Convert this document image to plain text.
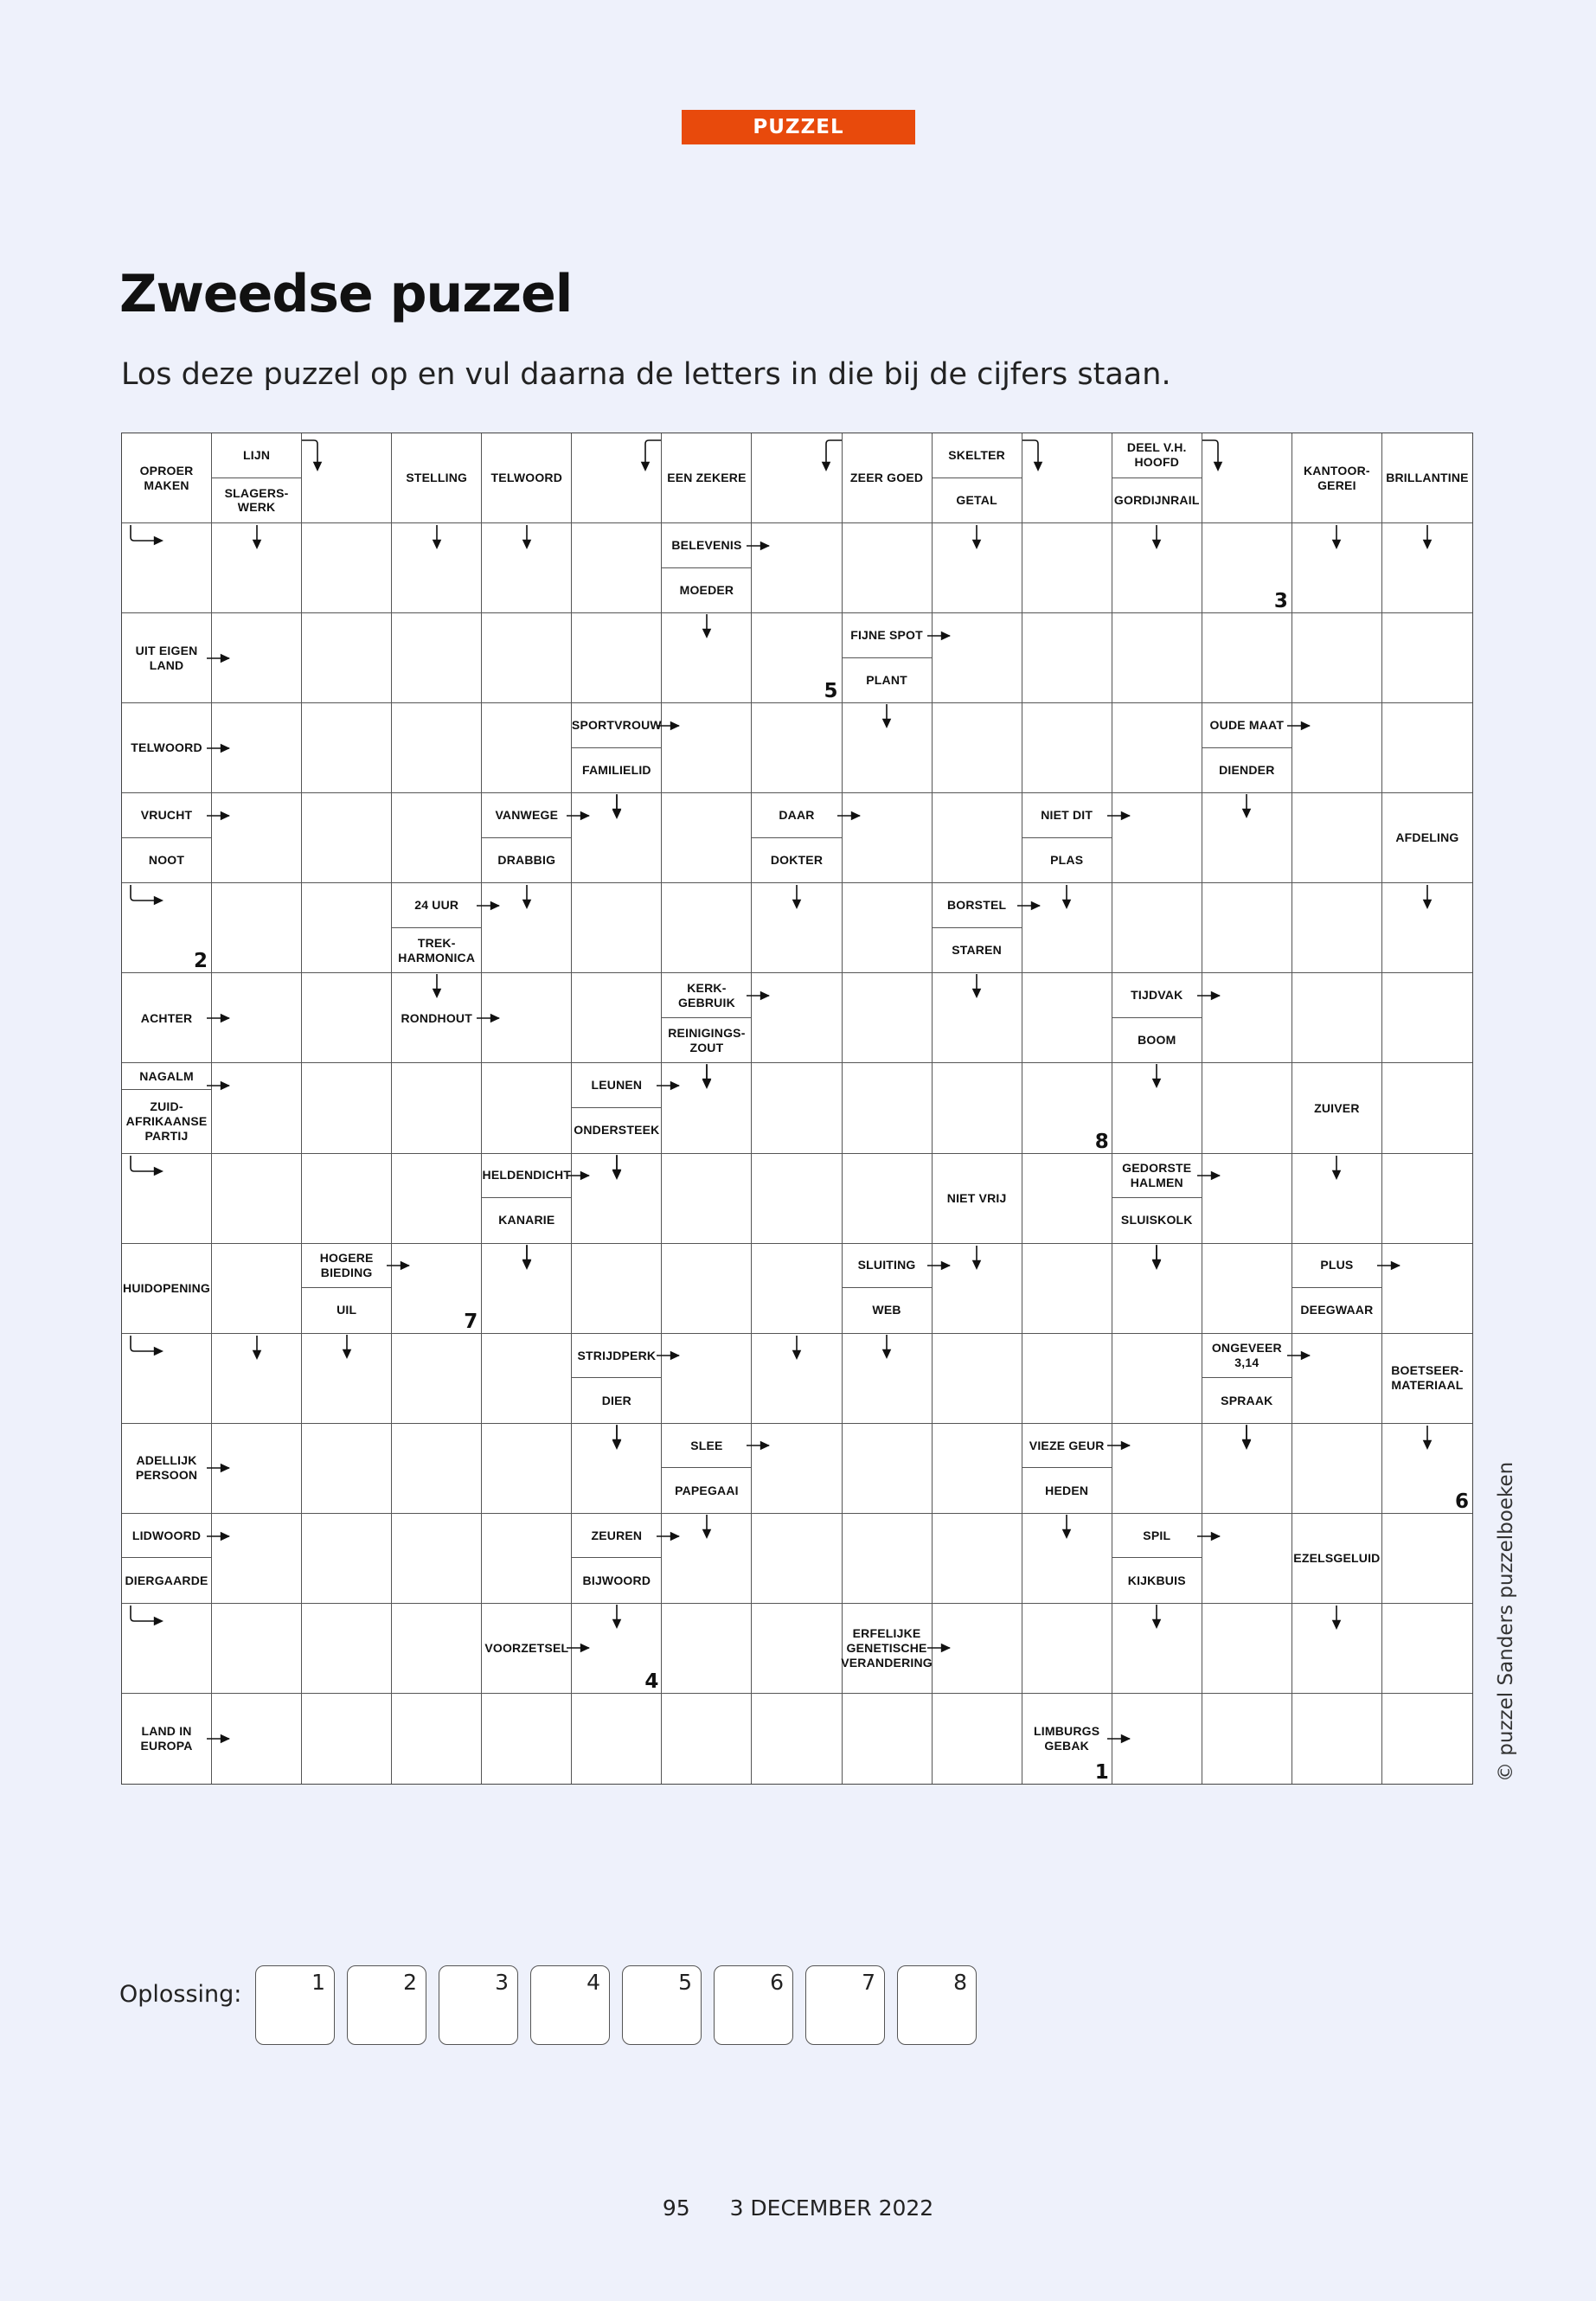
PUZZEL
Zweedse puzzel

Los deze puzzel op en vul daarna de letters in die bij de cijfers staan.

OPROER
MAKEN
LIJN
SLAGERS-
WERK
STELLING	TELWOORD	EEN ZEKERE	ZEER GOED
SKELTER
GETAL
DEEL V.H.
HOOFD
GORDIJNRAIL
KANTOOR-
GEREI
BRILLANTINE
BELEVENIS
MOEDER
3
UIT EIGEN
LAND
5
FIJNE SPOT
PLANT
TELWOORD
SPORTVROUW
FAMILIELID
OUDE MAAT
DIENDER
VRUCHT
NOOT
VANWEGE
DRABBIG
DAAR
DOKTER
NIET DIT
PLAS
AFDELING
2
24 UUR
TREK-
HARMONICA
BORSTEL
STAREN
ACHTER	RONDHOUT
KERK-
GEBRUIK
REINIGINGS-
ZOUT
TIJDVAK
BOOM
NAGALM
ZUID-
AFRIKAANSE
PARTIJ
LEUNEN
ONDERSTEEK
8
ZUIVER
HELDENDICHT
KANARIE
NIET VRIJ
GEDORSTE
HALMEN
SLUISKOLK
HUIDOPENING
HOGERE
BIEDING
UIL
7
SLUITING
WEB
PLUS
DEEGWAAR
STRIJDPERK
DIER
ONGEVEER
3,14
SPRAAK
BOETSEER-
MATERIAAL
ADELLIJK
PERSOON
SLEE
PAPEGAAI
VIEZE GEUR
HEDEN
6
LIDWOORD
DIERGAARDE
ZEUREN
BIJWOORD
SPIL
KIJKBUIS
EZELSGELUID
VOORZETSEL
4
ERFELIJKE
GENETISCHE
VERANDERING
LAND IN
EUROPA
LIMBURGS
GEBAK
1	© puzzel Sanders puzzelboeken
Oplossing:	1	2	3	4	5	6	7	8
95 3 DECEMBER 2022
